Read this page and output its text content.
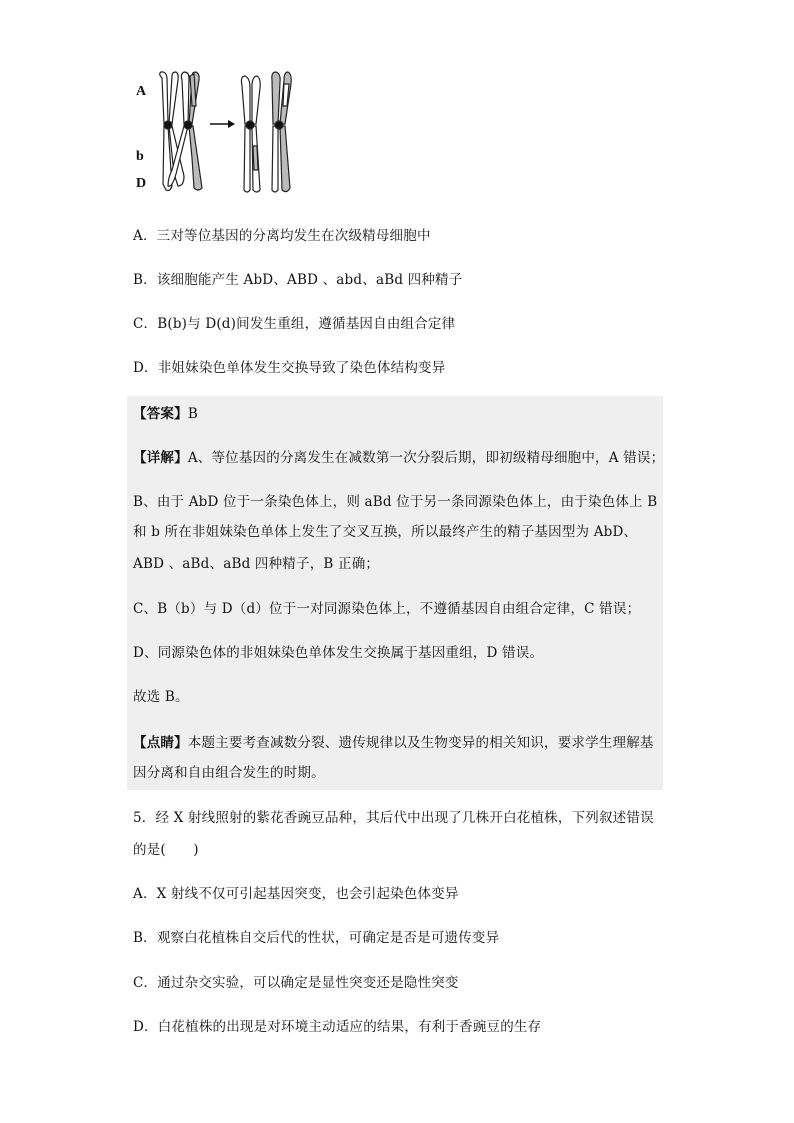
A
b
D
A．三对等位基因的分离均发生在次级精母细胞中
B．该细胞能产生 AbD、ABD 、abd、aBd 四种精子
C．B(b)与 D(d)间发生重组，遵循基因自由组合定律
D．非姐妹染色单体发生交换导致了染色体结构变异
【答案】B
【详解】A、等位基因的分离发生在减数第一次分裂后期，即初级精母细胞中，A 错误；
B、由于 AbD 位于一条染色体上，则 aBd 位于另一条同源染色体上，由于染色体上 B
和 b 所在非姐妹染色单体上发生了交叉互换，所以最终产生的精子基因型为 AbD、
ABD 、aBd、aBd 四种精子，B 正确；
C、B（b）与 D（d）位于一对同源染色体上，不遵循基因自由组合定律，C 错误；
D、同源染色体的非姐妹染色单体发生交换属于基因重组，D 错误。
故选 B。
【点睛】本题主要考查减数分裂、遗传规律以及生物变异的相关知识，要求学生理解基
因分离和自由组合发生的时期。
5．经 X 射线照射的紫花香豌豆品种，其后代中出现了几株开白花植株，下列叙述错误
的是(　　)
A．X 射线不仅可引起基因突变，也会引起染色体变异
B．观察白花植株自交后代的性状，可确定是否是可遗传变异
C．通过杂交实验，可以确定是显性突变还是隐性突变
D．白花植株的出现是对环境主动适应的结果，有利于香豌豆的生存
